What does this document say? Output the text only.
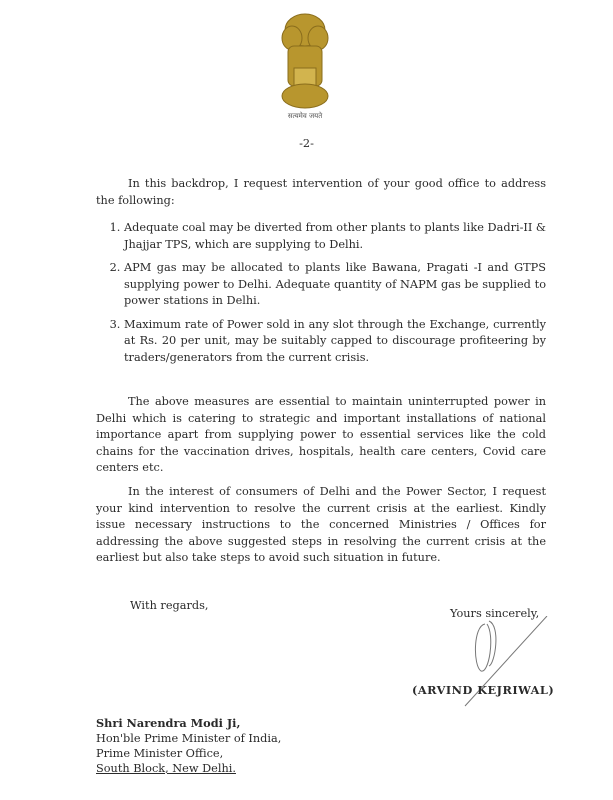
सत्यमेव जयते
-2-
In this backdrop, I request intervention of your good office to address the following:
1. Adequate coal may be diverted from other plants to plants like Dadri-II & Jhajjar TPS, which are supplying to Delhi.
2. APM gas may be allocated to plants like Bawana, Pragati -I and GTPS supplying power to Delhi. Adequate quantity of NAPM gas be supplied to power stations in Delhi.
3. Maximum rate of Power sold in any slot through the Exchange, currently at Rs. 20 per unit, may be suitably capped to discourage profiteering by traders/generators from the current crisis.
The above measures are essential to maintain uninterrupted power in Delhi which is catering to strategic and important installations of national importance apart from supplying power to essential services like the cold chains for the vaccination drives, hospitals, health care centers, Covid care centers etc.
In the interest of consumers of Delhi and the Power Sector, I request your kind intervention to resolve the current crisis at the earliest. Kindly issue necessary instructions to the concerned Ministries / Offices for addressing the above suggested steps in resolving the current crisis at the earliest but also take steps to avoid such situation in future.
With regards,
Yours sincerely,
(ARVIND KEJRIWAL)
Shri Narendra Modi Ji,
Hon'ble Prime Minister of India,
Prime Minister Office,
South Block, New Delhi.
